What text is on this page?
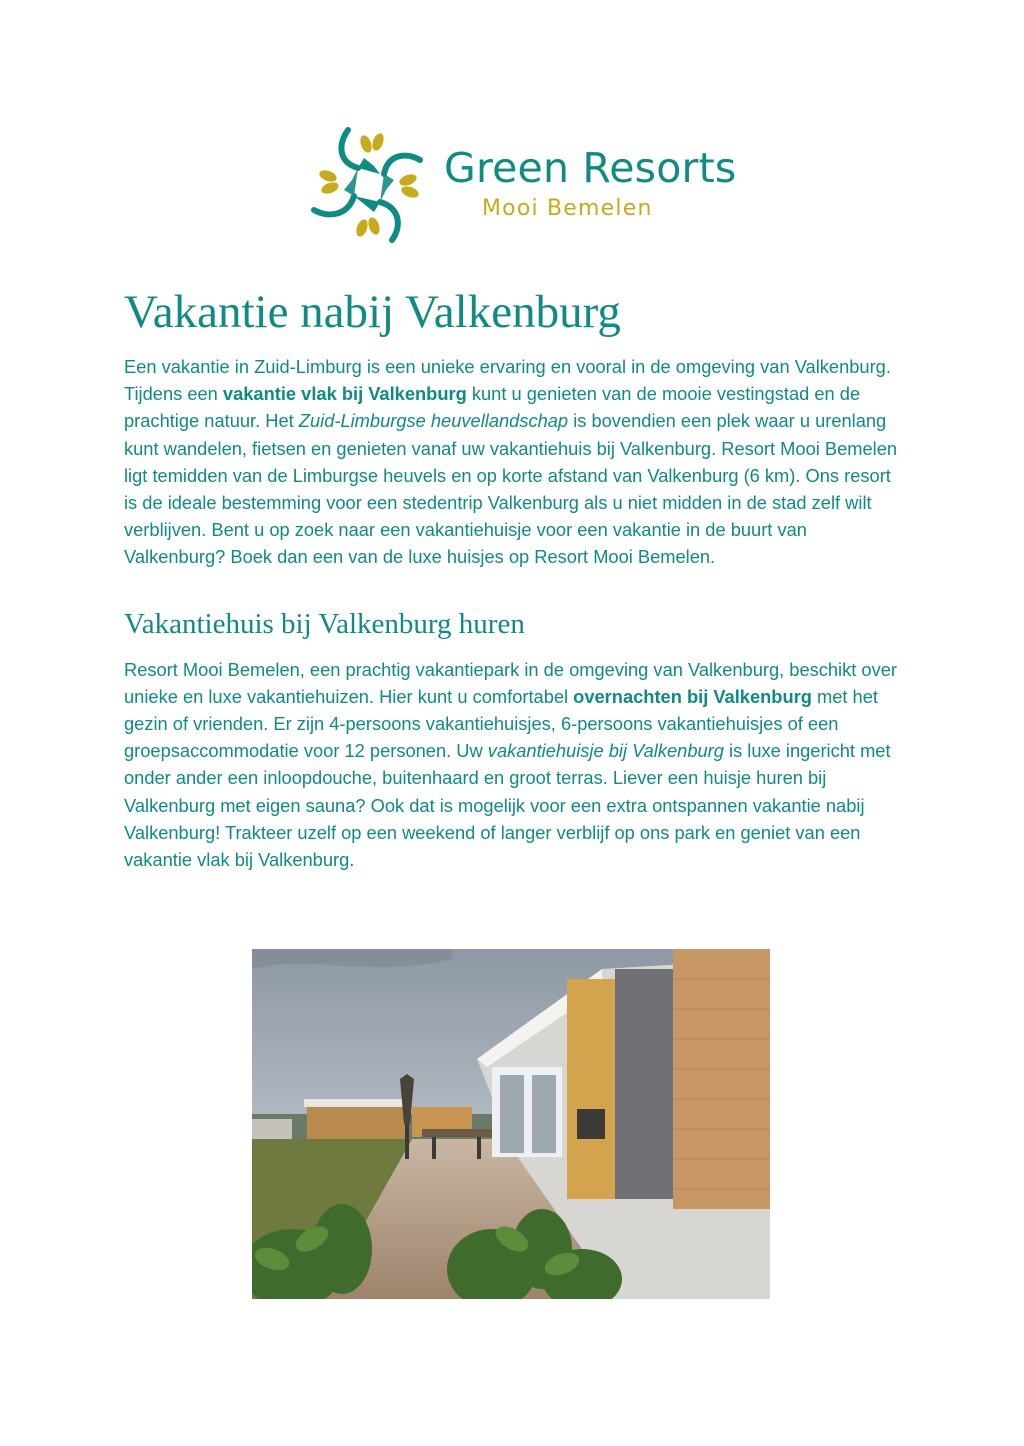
Green Resorts
Mooi Bemelen
Vakantie nabij Valkenburg

Een vakantie in Zuid-Limburg is een unieke ervaring en vooral in de omgeving van Valkenburg. Tijdens een vakantie vlak bij Valkenburg kunt u genieten van de mooie vestingstad en de prachtige natuur. Het Zuid-Limburgse heuvellandschap is bovendien een plek waar u urenlang kunt wandelen, fietsen en genieten vanaf uw vakantiehuis bij Valkenburg. Resort Mooi Bemelen ligt temidden van de Limburgse heuvels en op korte afstand van Valkenburg (6 km). Ons resort is de ideale bestemming voor een stedentrip Valkenburg als u niet midden in de stad zelf wilt verblijven. Bent u op zoek naar een vakantiehuisje voor een vakantie in de buurt van Valkenburg? Boek dan een van de luxe huisjes op Resort Mooi Bemelen.

Vakantiehuis bij Valkenburg huren

Resort Mooi Bemelen, een prachtig vakantiepark in de omgeving van Valkenburg, beschikt over unieke en luxe vakantiehuizen. Hier kunt u comfortabel overnachten bij Valkenburg met het gezin of vrienden. Er zijn 4-persoons vakantiehuisjes, 6-persoons vakantiehuisjes of een groepsaccommodatie voor 12 personen. Uw vakantiehuisje bij Valkenburg is luxe ingericht met onder ander een inloopdouche, buitenhaard en groot terras. Liever een huisje huren bij Valkenburg met eigen sauna? Ook dat is mogelijk voor een extra ontspannen vakantie nabij Valkenburg! Trakteer uzelf op een weekend of langer verblijf op ons park en geniet van een vakantie vlak bij Valkenburg.
